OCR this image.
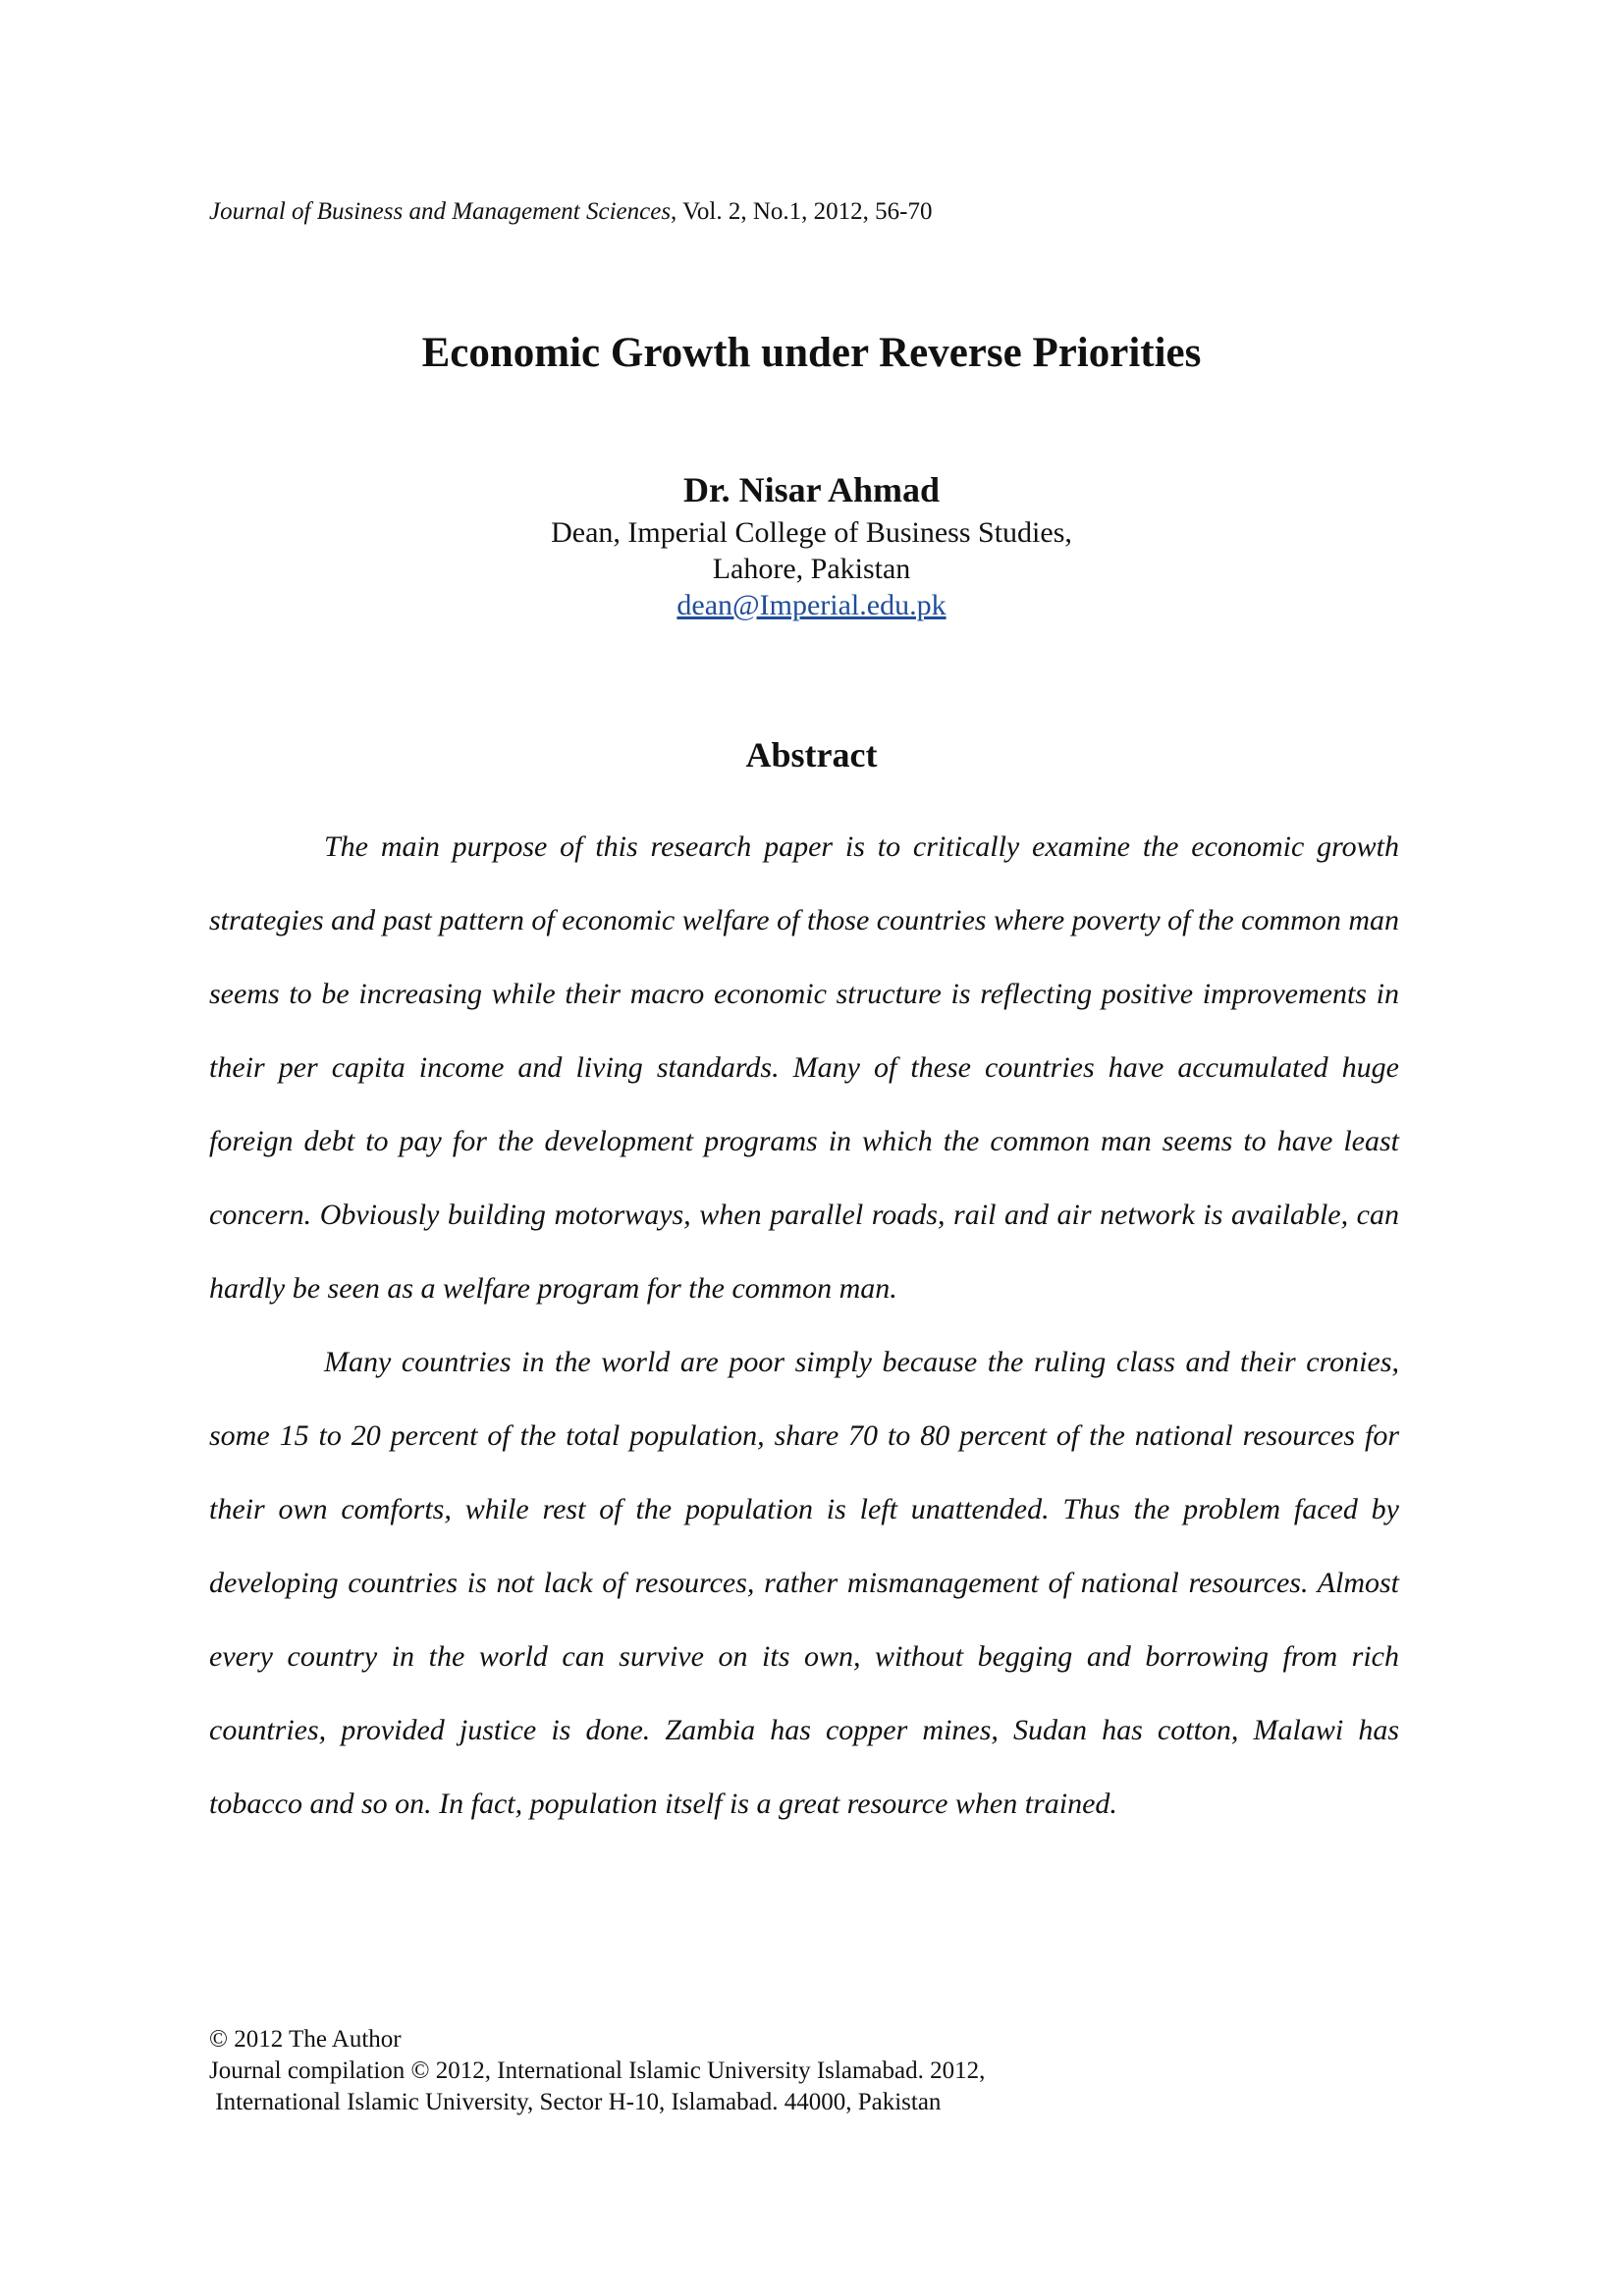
Journal of Business and Management Sciences, Vol. 2, No.1, 2012, 56-70
Economic Growth under Reverse Priorities
Dr. Nisar Ahmad
Dean, Imperial College of Business Studies,
Lahore, Pakistan
dean@Imperial.edu.pk
Abstract

The main purpose of this research paper is to critically examine the economic growth strategies and past pattern of economic welfare of those countries where poverty of the common man seems to be increasing while their macro economic structure is reflecting positive improvements in their per capita income and living standards. Many of these countries have accumulated huge foreign debt to pay for the development programs in which the common man seems to have least concern. Obviously building motorways, when parallel roads, rail and air network is available, can hardly be seen as a welfare program for the common man.

Many countries in the world are poor simply because the ruling class and their cronies, some 15 to 20 percent of the total population, share 70 to 80 percent of the national resources for their own comforts, while rest of the population is left unattended. Thus the problem faced by developing countries is not lack of resources, rather mismanagement of national resources. Almost every country in the world can survive on its own, without begging and borrowing from rich countries, provided justice is done. Zambia has copper mines, Sudan has cotton, Malawi has tobacco and so on. In fact, population itself is a great resource when trained.

© 2012 The Author
Journal compilation © 2012, International Islamic University Islamabad. 2012,
International Islamic University, Sector H-10, Islamabad. 44000, Pakistan
